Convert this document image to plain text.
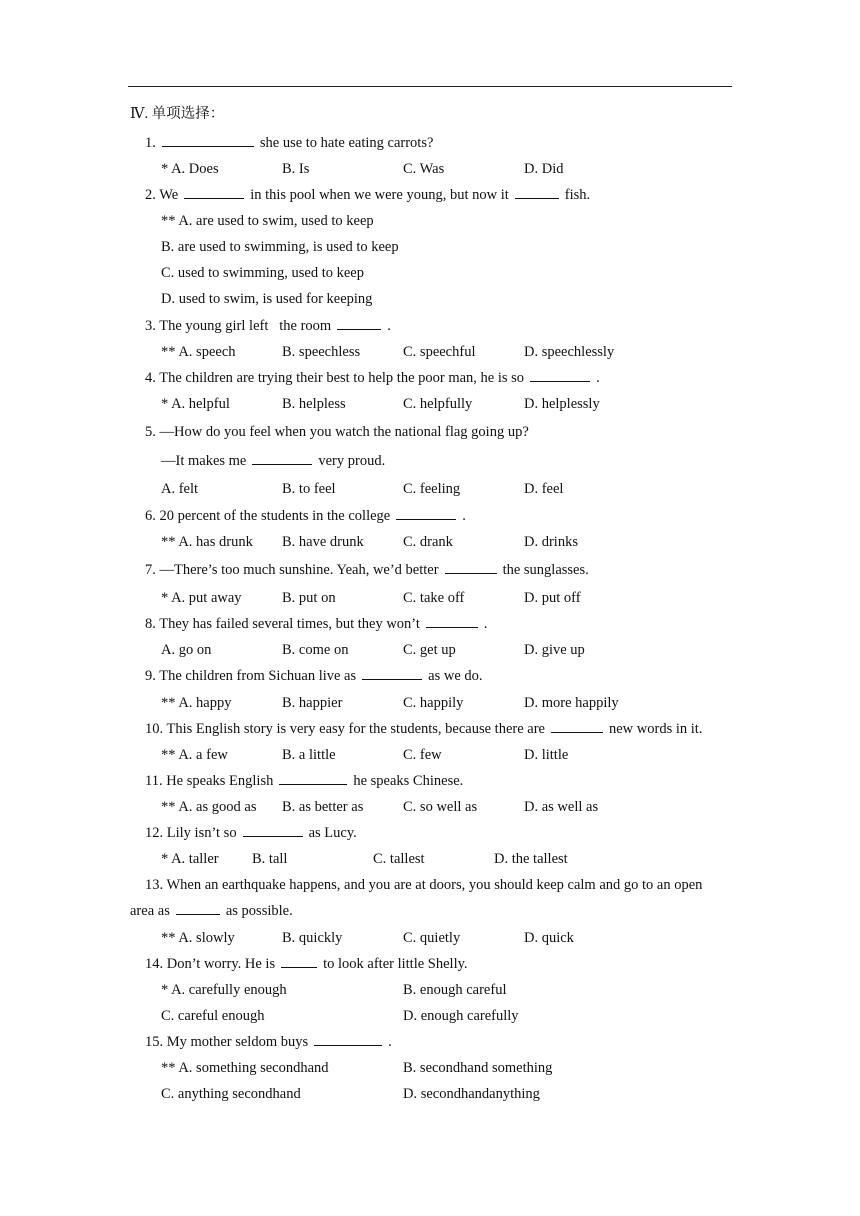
Ⅳ. 单项选择：
1.	she use to hate eating carrots?
* A. Does	B. Is	C. Was	D. Did
2. We	in this pool when we were young, but now it	fish.
** A. are used to swim, used to keep
B. are used to swimming, is used to keep
C. used to swimming, used to keep
D. used to swim, is used for keeping
3. The young girl left   the room	.
** A. speech	B. speechless	C. speechful	D. speechlessly
4. The children are trying their best to help the poor man, he is so	.
* A. helpful	B. helpless	C. helpfully	D. helplessly
5. —How do you feel when you watch the national flag going up?
—It makes me	very proud.
A. felt	B. to feel	C. feeling	D. feel
6. 20 percent of the students in the college	.
** A. has drunk B. have drunk	C. drank	D. drinks
7. —There’s too much sunshine. Yeah, we’d better	the sunglasses.
* A. put away	B. put on	C. take off	D. put off
8. They has failed several times, but they won’t	.
A. go on	B. come on	C. get up	D. give up
9. The children from Sichuan live as	as we do.
** A. happy	B. happier	C. happily	D. more happily
10. This English story is very easy for the students, because there are	new words in it.
** A. a few	B. a little	C. few	D. little
11. He speaks English	he speaks Chinese.
** A. as good as B. as better as	C. so well as	D. as well as
12. Lily isn’t so	as Lucy.
* A. taller B. tall	C. tallest	D. the tallest
13. When an earthquake happens, and you are at doors, you should keep calm and go to an open
area as	as possible.
** A. slowly	B. quickly	C. quietly	D. quick
14. Don’t worry. He is	to look after little Shelly.
* A. carefully enough	B. enough careful
C. careful enough	D. enough carefully
15. My mother seldom buys	.
** A. something secondhand	B. secondhand something
C. anything secondhand	D. secondhandanything
